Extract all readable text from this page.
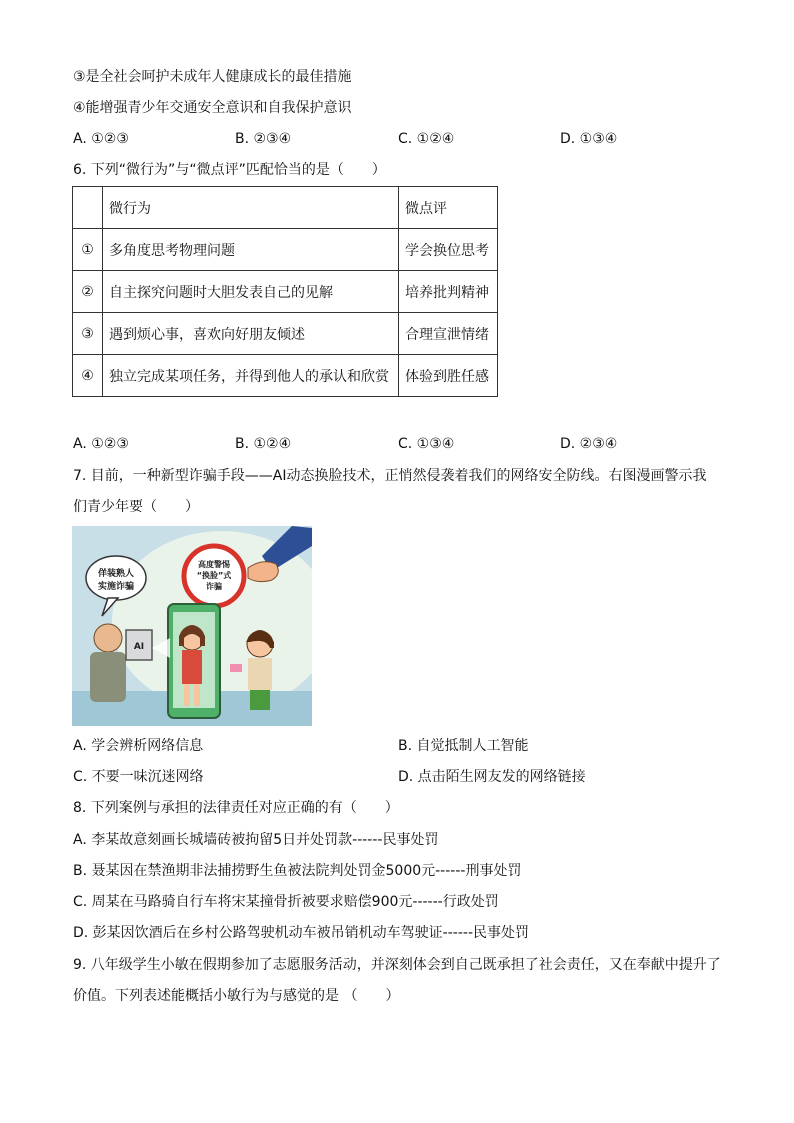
③是全社会呵护未成年人健康成长的最佳措施
④能增强青少年交通安全意识和自我保护意识
A. ①②③	B. ②③④	C. ①②④	D. ①③④
6. 下列“微行为”与“微点评”匹配恰当的是（　　）
	微行为	微点评
①	多角度思考物理问题	学会换位思考
②	自主探究问题时大胆发表自己的见解	培养批判精神
③	遇到烦心事，喜欢向好朋友倾述	合理宣泄情绪
④	独立完成某项任务，并得到他人的承认和欣赏	体验到胜任感
A. ①②③	B. ①②④	C. ①③④	D. ②③④
7. 目前，一种新型诈骗手段——AI动态换脸技术，正悄然侵袭着我们的网络安全防线。右图漫画警示我
们青少年要（　　）
高度警惕
“换脸”式
诈骗
佯装熟人
实施诈骗
AI
A. 学会辨析网络信息	B. 自觉抵制人工智能
C. 不要一味沉迷网络	D. 点击陌生网友发的网络链接
8. 下列案例与承担的法律责任对应正确的有（　　）
A. 李某故意刻画长城墙砖被拘留5日并处罚款------民事处罚
B. 聂某因在禁渔期非法捕捞野生鱼被法院判处罚金5000元------刑事处罚
C. 周某在马路骑自行车将宋某撞骨折被要求赔偿900元------行政处罚
D. 彭某因饮酒后在乡村公路驾驶机动车被吊销机动车驾驶证------民事处罚
9. 八年级学生小敏在假期参加了志愿服务活动，并深刻体会到自己既承担了社会责任，又在奉献中提升了
价值。下列表述能概括小敏行为与感觉的是 （　　）
